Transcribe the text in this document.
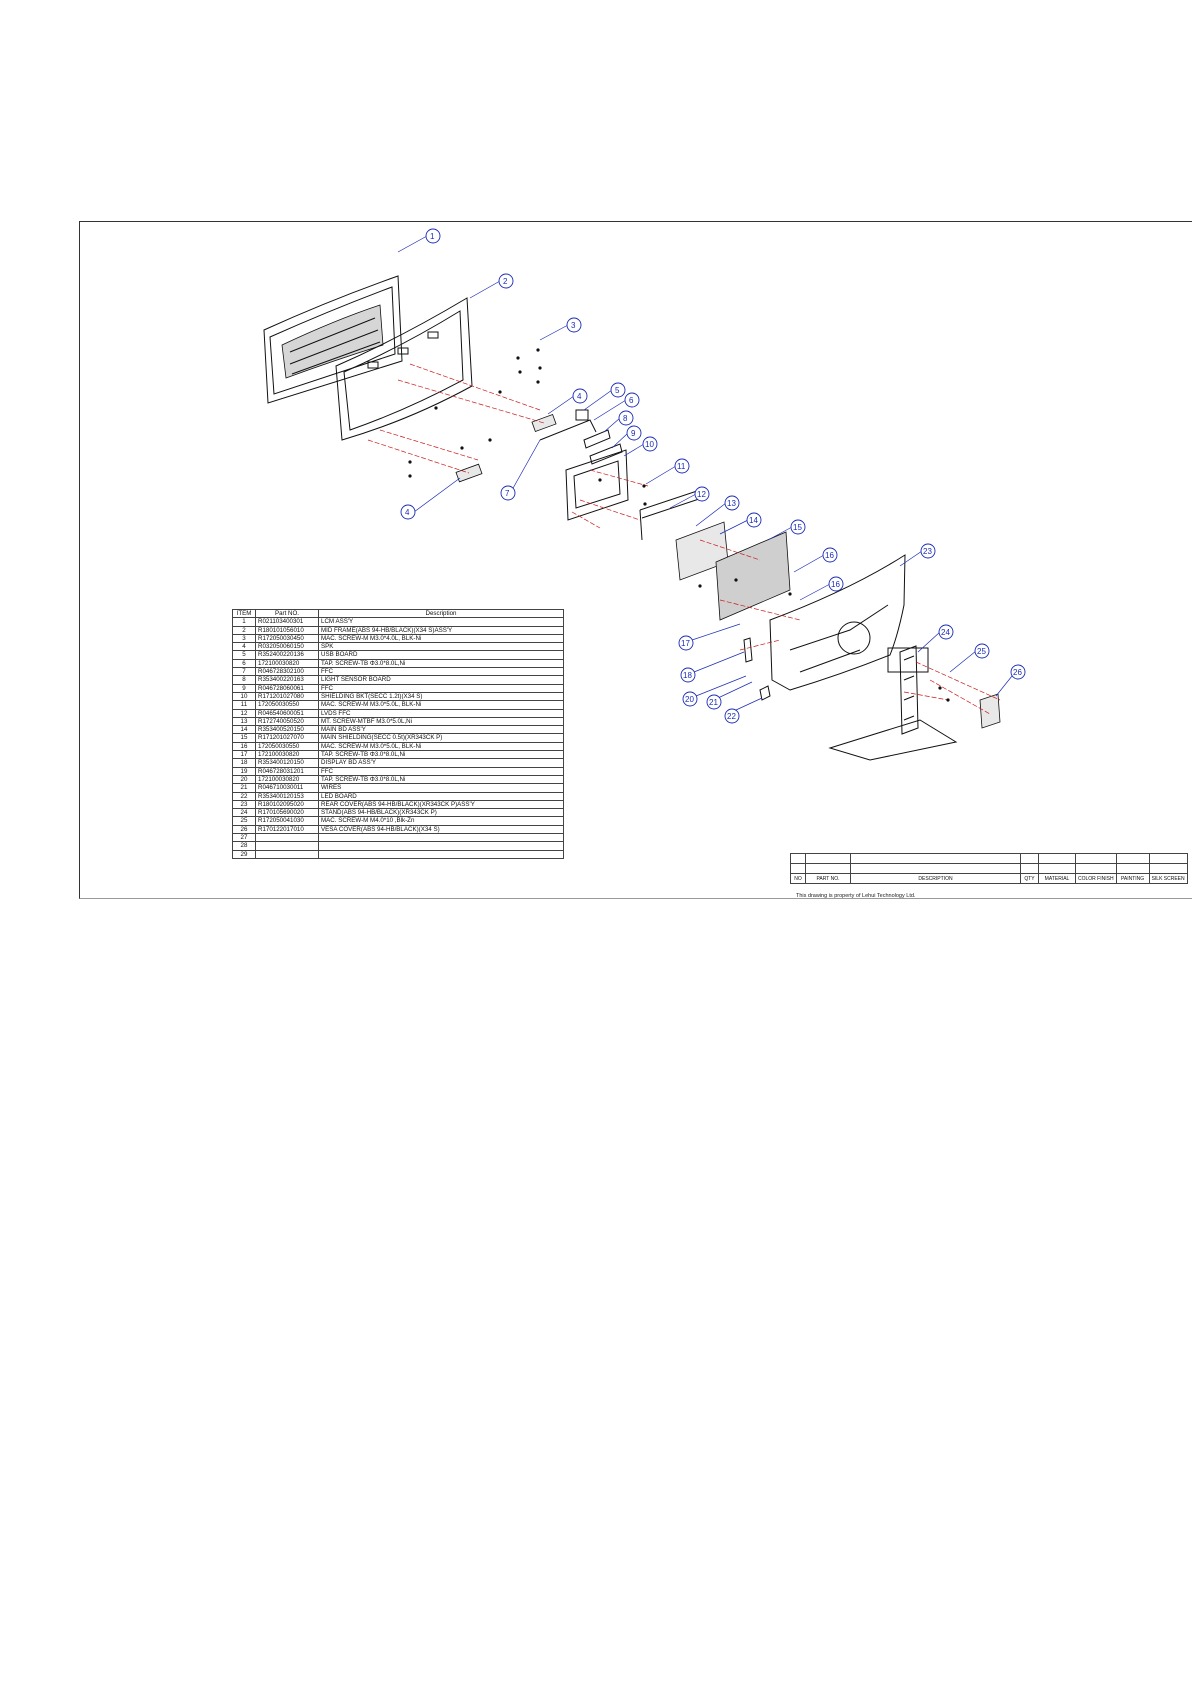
1
2
3
4
4
5
6
7
8
9
10
11
12
13
14
15
16
16
17
18
20 21
22
23
24
25
26
ITEM	Part NO.	Description
1	R021103400301	LCM ASS'Y
2	R180101056010	MID FRAME(ABS 94-HB/BLACK)(X34 S)ASS'Y
3	R172050030450	MAC. SCREW-M M3.0*4.0L, BLK-Ni
4	R032050060150	SPK
5	R352400220136	USB BOARD
6	172100030820	TAP. SCREW-TB Φ3.0*8.0L,Ni
7	R046728302100	FFC
8	R353400220163	LIGHT SENSOR BOARD
9	R046728060061	FFC
10	R171201027080	SHIELDING BKT(SECC 1.2t)(X34 S)
11	172050030550	MAC. SCREW-M M3.0*5.0L, BLK-Ni
12	R046540600051	LVDS FFC
13	R172740050520	MT. SCREW-MTBF M3.0*5.0L,Ni
14	R353400520150	MAIN BD ASS'Y
15	R171201027070	MAIN SHIELDING(SECC 0.5t)(XR343CK P)
16	172050030550	MAC. SCREW-M M3.0*5.0L, BLK-Ni
17	172100030820	TAP. SCREW-TB Φ3.0*8.0L,Ni
18	R353400120150	DISPLAY BD ASS'Y
19	R046728031201	FFC
20	172100030820	TAP. SCREW-TB Φ3.0*8.0L,Ni
21	R046710030011	WIRES
22	R353400120153	LED BOARD
23	R180102095020	REAR COVER(ABS 94-HB/BLACK)(XR343CK P)ASS'Y
24	R170105690020	STAND(ABS 94-HB/BLACK)(XR343CK P)
25	R172050041030	MAC. SCREW-M M4.0*10 ,Blk-Zn
26	R170122017010	VESA COVER(ABS 94-HB/BLACK)(X34 S)
27		
28		
29		

NO	PART NO.	DESCRIPTION	QTY	MATERIAL	COLOR FINISH	PAINTING	SILK SCREEN
This drawing is property of Lehui Technology Ltd.
